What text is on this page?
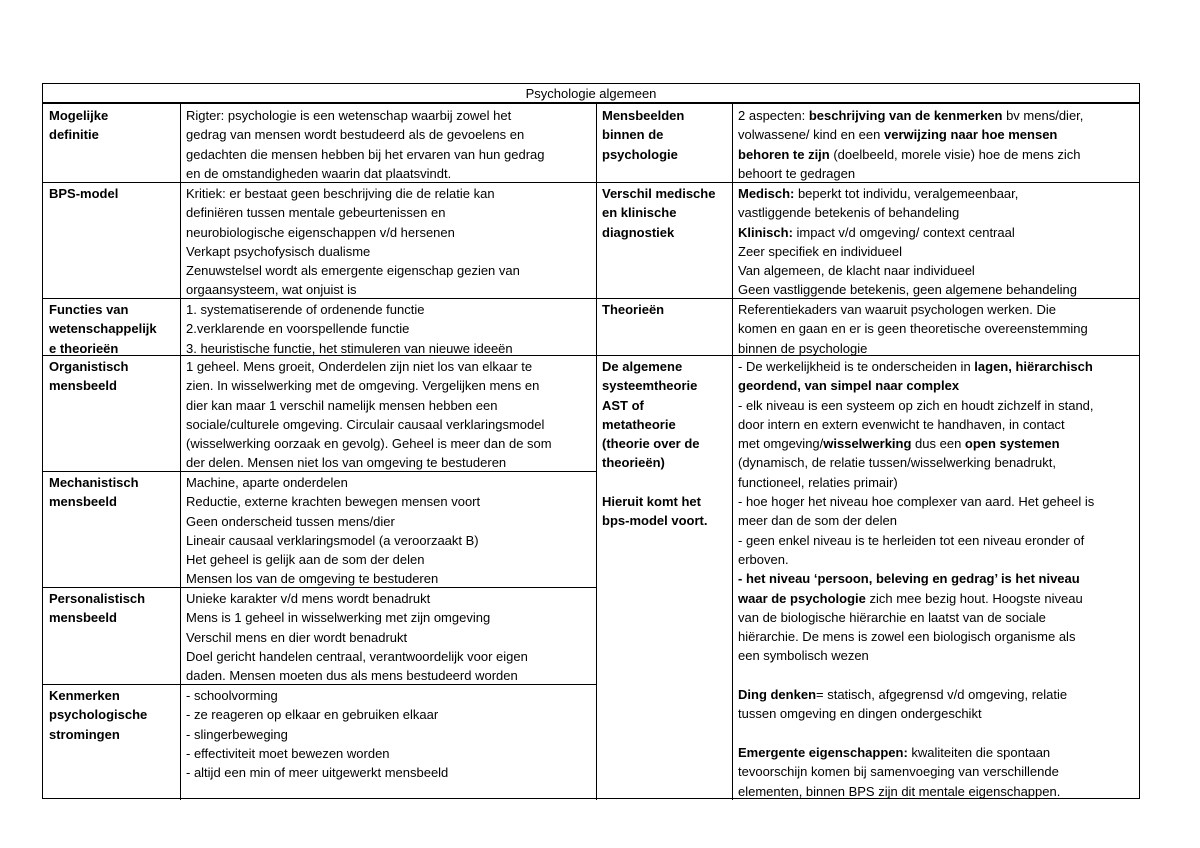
Psychologie algemeen
Mogelijke
definitie
Rigter: psychologie is een wetenschap waarbij zowel het
gedrag van mensen wordt bestudeerd als de gevoelens en
gedachten die mensen hebben bij het ervaren van hun gedrag
en de omstandigheden waarin dat plaatsvindt.
BPS-model	Kritiek: er bestaat geen beschrijving die de relatie kan
definiëren tussen mentale gebeurtenissen en
neurobiologische eigenschappen v/d hersenen
Verkapt psychofysisch dualisme
Zenuwstelsel wordt als emergente eigenschap gezien van
orgaansysteem, wat onjuist is
Functies van
wetenschappelijk
e theorieën
1. systematiserende of ordenende functie
2.verklarende en voorspellende functie
3. heuristische functie, het stimuleren van nieuwe ideeën
Organistisch
mensbeeld
1 geheel. Mens groeit, Onderdelen zijn niet los van elkaar te
zien. In wisselwerking met de omgeving. Vergelijken mens en
dier kan maar 1 verschil namelijk mensen hebben een
sociale/culturele omgeving. Circulair causaal verklaringsmodel
(wisselwerking oorzaak en gevolg). Geheel is meer dan de som
der delen. Mensen niet los van omgeving te bestuderen
Mechanistisch
mensbeeld
Machine, aparte onderdelen
Reductie, externe krachten bewegen mensen voort
Geen onderscheid tussen mens/dier
Lineair causaal verklaringsmodel (a veroorzaakt B)
Het geheel is gelijk aan de som der delen
Mensen los van de omgeving te bestuderen
Personalistisch
mensbeeld
Unieke karakter v/d mens wordt benadrukt
Mens is 1 geheel in wisselwerking met zijn omgeving
Verschil mens en dier wordt benadrukt
Doel gericht handelen centraal, verantwoordelijk voor eigen
daden. Mensen moeten dus als mens bestudeerd worden
Kenmerken
psychologische
stromingen
- schoolvorming
- ze reageren op elkaar en gebruiken elkaar
- slingerbeweging
- effectiviteit moet bewezen worden
- altijd een min of meer uitgewerkt mensbeeld
Mensbeelden
binnen de
psychologie
2 aspecten: beschrijving van de kenmerken bv mens/dier,
volwassene/ kind en een verwijzing naar hoe mensen
behoren te zijn (doelbeeld, morele visie) hoe de mens zich
behoort te gedragen
Verschil medische
en klinische
diagnostiek
Medisch: beperkt tot individu, veralgemeenbaar,
vastliggende betekenis of behandeling
Klinisch: impact v/d omgeving/ context centraal
Zeer specifiek en individueel
Van algemeen, de klacht naar individueel
Geen vastliggende betekenis, geen algemene behandeling
Theorieën	Referentiekaders van waaruit psychologen werken. Die
komen en gaan en er is geen theoretische overeenstemming
binnen de psychologie
De algemene
systeemtheorie
AST of
metatheorie
(theorie over de
theorieën)
Hieruit komt het
bps-model voort.
- De werkelijkheid is te onderscheiden in lagen, hiërarchisch
geordend, van simpel naar complex
- elk niveau is een systeem op zich en houdt zichzelf in stand,
door intern en extern evenwicht te handhaven, in contact
met omgeving/wisselwerking dus een open systemen
(dynamisch, de relatie tussen/wisselwerking benadrukt,
functioneel, relaties primair)
- hoe hoger het niveau hoe complexer van aard. Het geheel is
meer dan de som der delen
- geen enkel niveau is te herleiden tot een niveau eronder of
erboven.
- het niveau ‘persoon, beleving en gedrag’ is het niveau
waar de psychologie zich mee bezig hout. Hoogste niveau
van de biologische hiërarchie en laatst van de sociale
hiërarchie. De mens is zowel een biologisch organisme als
een symbolisch wezen
Ding denken= statisch, afgegrensd v/d omgeving, relatie
tussen omgeving en dingen ondergeschikt
Emergente eigenschappen: kwaliteiten die spontaan
tevoorschijn komen bij samenvoeging van verschillende
elementen, binnen BPS zijn dit mentale eigenschappen.
